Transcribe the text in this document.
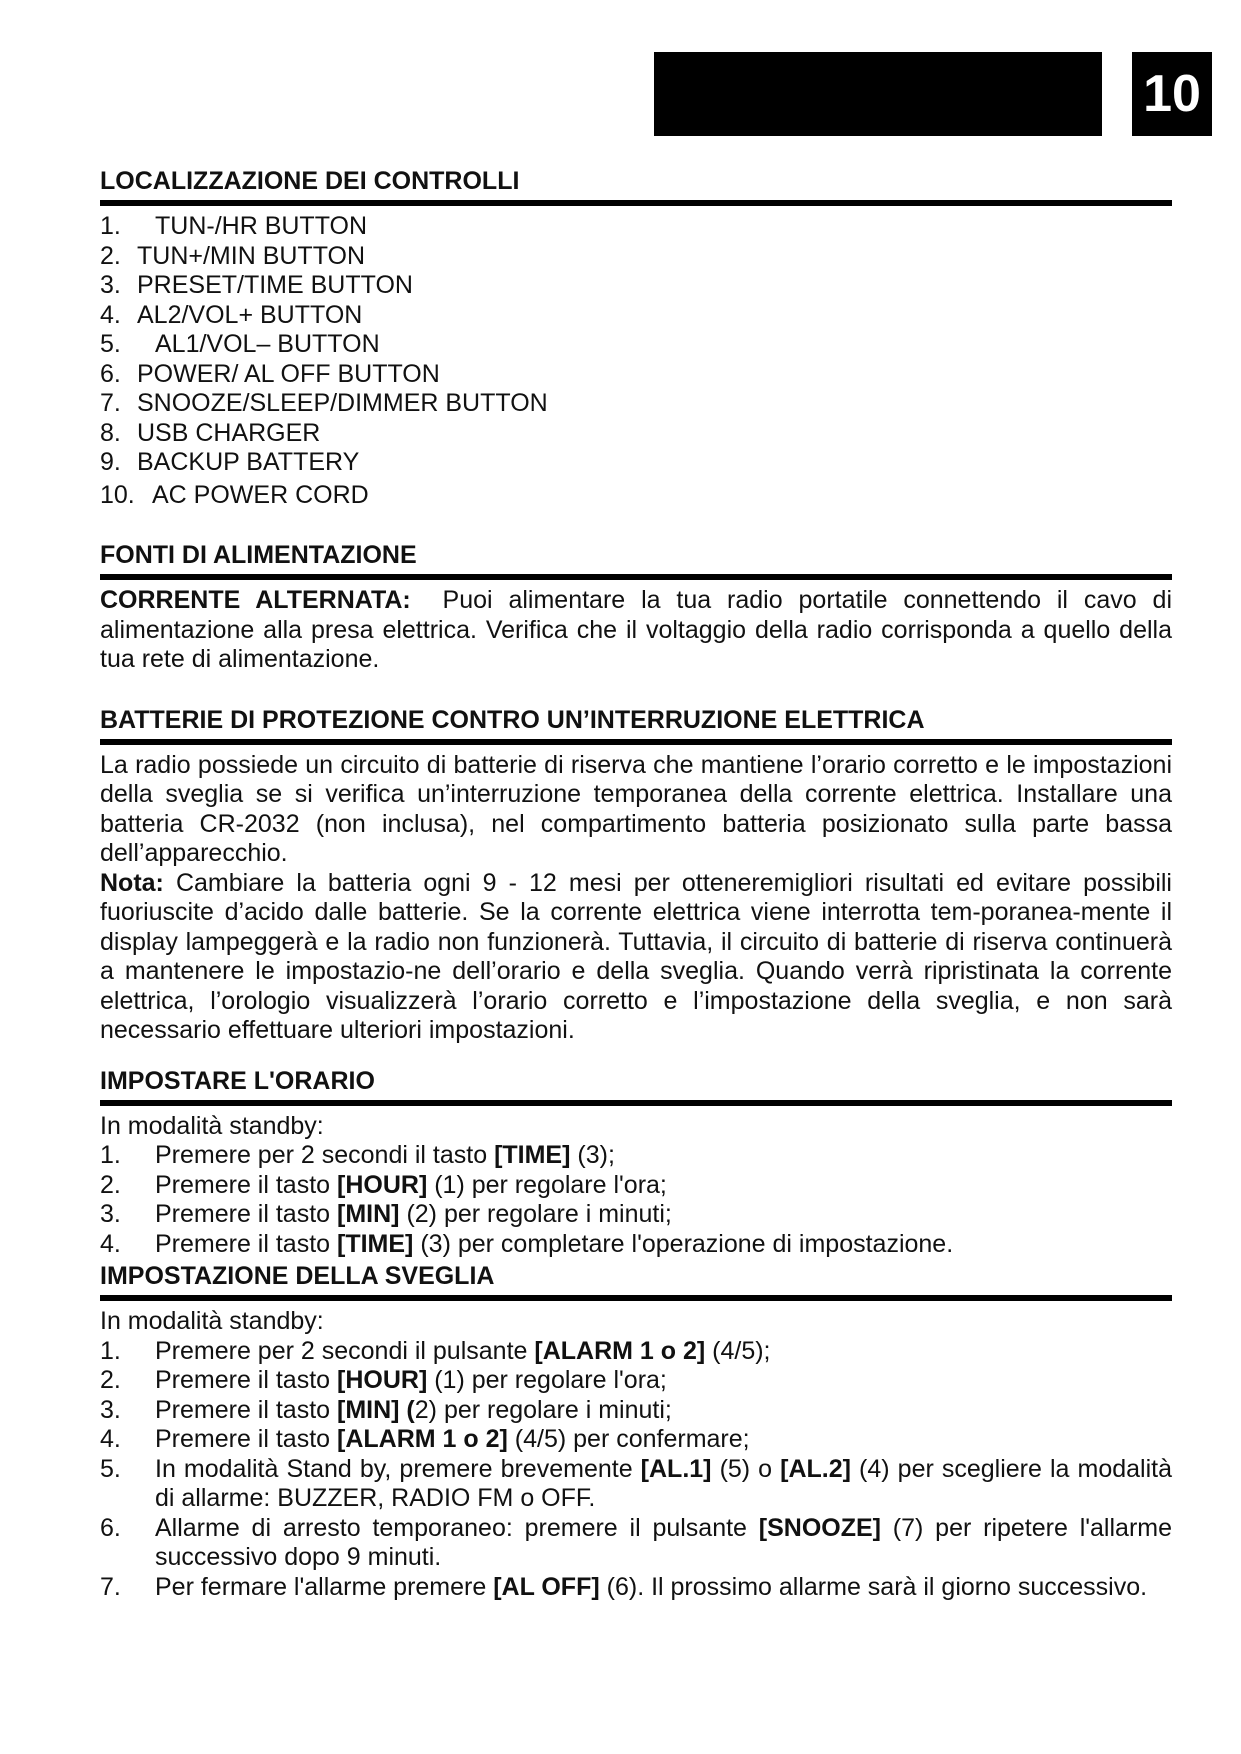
10
LOCALIZZAZIONE DEI CONTROLLI
1.	TUN-/HR BUTTON
2. TUN+/MIN BUTTON
3. PRESET/TIME BUTTON
4. AL2/VOL+ BUTTON
5.	AL1/VOL– BUTTON
6. POWER/ AL OFF BUTTON
7. SNOOZE/SLEEP/DIMMER BUTTON
8. USB CHARGER
9. BACKUP BATTERY
10. AC POWER CORD
FONTI DI ALIMENTAZIONE

CORRENTE ALTERNATA: Puoi alimentare la tua radio portatile connettendo il cavo di alimentazione alla presa elettrica. Verifica che il voltaggio della radio corrisponda a quello della tua rete di alimentazione.

BATTERIE DI PROTEZIONE CONTRO UN’INTERRUZIONE ELETTRICA

La radio possiede un circuito di batterie di riserva che mantiene l’orario corretto e le impostazioni della sveglia se si verifica un’interruzione temporanea della corrente elettrica. Installare una batteria CR-2032 (non inclusa), nel compartimento batteria posizionato sulla parte bassa dell’apparecchio.

Nota: Cambiare la batteria ogni 9 - 12 mesi per otteneremigliori risultati ed evitare possibili fuoriuscite d’acido dalle batterie. Se la corrente elettrica viene interrotta tem-poranea-mente il display lampeggerà e la radio non funzionerà. Tuttavia, il circuito di batterie di riserva continuerà a mantenere le impostazio-ne dell’orario e della sveglia. Quando verrà ripristinata la corrente elettrica, l’orologio visualizzerà l’orario corretto e l’impostazione della sveglia, e non sarà necessario effettuare ulteriori impostazioni.

IMPOSTARE L'ORARIO

In modalità standby:

1.	Premere per 2 secondi il tasto [TIME] (3);
2.	Premere il tasto [HOUR] (1) per regolare l'ora;
3.	Premere il tasto [MIN] (2) per regolare i minuti;
4.	Premere il tasto [TIME] (3) per completare l'operazione di impostazione.
IMPOSTAZIONE DELLA SVEGLIA

In modalità standby:

1.	Premere per 2 secondi il pulsante [ALARM 1 o 2] (4/5);
2.	Premere il tasto [HOUR] (1) per regolare l'ora;
3.	Premere il tasto [MIN] (2) per regolare i minuti;
4.	Premere il tasto [ALARM 1 o 2] (4/5) per confermare;
5.	In modalità Stand by, premere brevemente [AL.1] (5) o [AL.2] (4) per scegliere la modalità di allarme: BUZZER, RADIO FM o OFF.
6.	Allarme di arresto temporaneo: premere il pulsante [SNOOZE] (7) per ripetere l'allarme successivo dopo 9 minuti.
7.	Per fermare l'allarme premere [AL OFF] (6). Il prossimo allarme sarà il giorno successivo.
